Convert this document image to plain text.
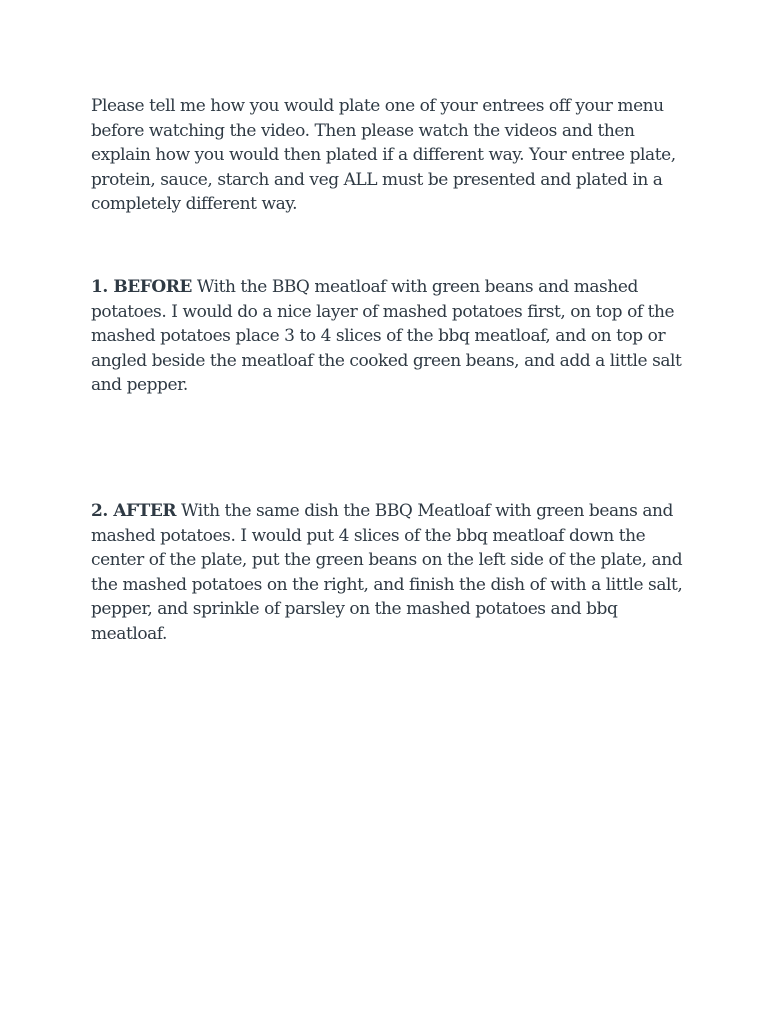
Please tell me how you would plate one of your entrees off your menu before watching the video. Then please watch the videos and then explain how you would then plated if a different way. Your entree plate, protein, sauce, starch and veg ALL must be presented and plated in a completely different way.

1. BEFORE With the BBQ meatloaf with green beans and mashed potatoes. I would do a nice layer of mashed potatoes first, on top of the mashed potatoes place 3 to 4 slices of the bbq meatloaf, and on top or angled beside the meatloaf the cooked green beans, and add a little salt and pepper.

2. AFTER With the same dish the BBQ Meatloaf with green beans and mashed potatoes. I would put 4 slices of the bbq meatloaf down the center of the plate, put the green beans on the left side of the plate, and the mashed potatoes on the right, and finish the dish of with a little salt, pepper, and sprinkle of parsley on the mashed potatoes and bbq meatloaf.
